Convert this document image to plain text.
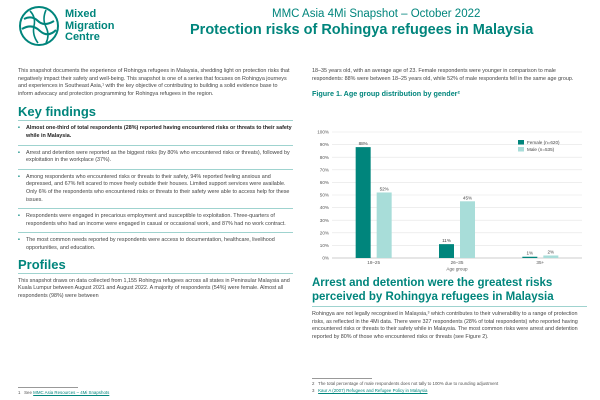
Mixed
Migration
Centre
MMC Asia 4Mi Snapshot – October 2022
Protection risks of Rohingya refugees in Malaysia

This snapshot documents the experience of Rohingya refugees in Malaysia, shedding light on protection risks that negatively impact their safety and well-being. This snapshot is one of a series that focuses on Rohingya journeys and experiences in Southeast Asia,¹ with the key objective of contributing to building a solid evidence base to inform advocacy and protection programming for Rohingya refugees in the region.

Key findings
• Almost one-third of total respondents (28%) reported having encountered risks or threats to their safety while in Malaysia.
• Arrest and detention were reported as the biggest risks (by 80% who encountered risks or threats), followed by exploitation in the workplace (37%).
• Among respondents who encountered risks or threats to their safety, 94% reported feeling anxious and depressed, and 67% felt scared to move freely outside their houses. Limited support services were available. Only 6% of the respondents who encountered risks or threats to their safety were able to access help for these issues.
• Respondents were engaged in precarious employment and susceptible to exploitation. Three-quarters of respondents who had an income were engaged in casual or occasional work, and 87% had no work contract.
• The most common needs reported by respondents were access to documentation, healthcare, livelihood opportunities, and education.
Profiles

This snapshot draws on data collected from 1,155 Rohingya refugees across all states in Peninsular Malaysia and Kuala Lumpur between August 2021 and August 2022. A majority of respondents (54%) were female. Almost all respondents (98%) were between

18–35 years old, with an average age of 23. Female respondents were younger in comparison to male respondents: 88% were between 18–25 years old, while 52% of male respondents fell in the same age group.

Figure 1. Age group distribution by gender²
0%
10%
20%
30%
40%
50%
60%
70%
80%
90%
100%
88%
52%
18–25
11%
45%
26–35
1%	2%
35+
Age group
Female (n=620)
Male (n=535)
Arrest and detention were the greatest risks perceived by Rohingya refugees in Malaysia

Rohingya are not legally recognised in Malaysia,³ which contributes to their vulnerability to a range of protection risks, as reflected in the 4Mi data. There were 327 respondents (28% of total respondents) who reported having encountered risks or threats to their safety while in Malaysia. The most common risks were arrest and detention reported by 80% of those who encountered risks or threats (see Figure 2).

1 See MMC Asia Resources – 4Mi Snapshots
2 The total percentage of male respondents does not tally to 100% due to rounding adjustment
3 Kaur A (2007) Refugees and Refugee Policy in Malaysia
